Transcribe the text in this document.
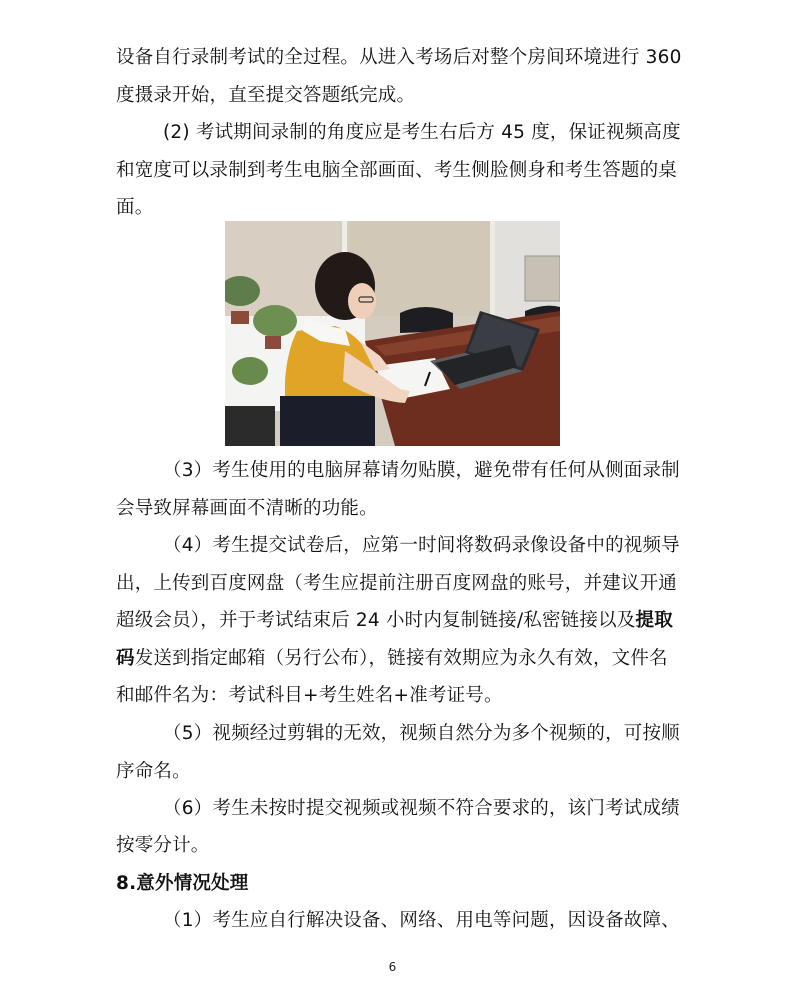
设备自行录制考试的全过程。从进入考场后对整个房间环境进行 360
度摄录开始，直至提交答题纸完成。
(2) 考试期间录制的角度应是考生右后方 45 度，保证视频高度
和宽度可以录制到考生电脑全部画面、考生侧脸侧身和考生答题的桌
面。
（3）考生使用的电脑屏幕请勿贴膜，避免带有任何从侧面录制
会导致屏幕画面不清晰的功能。
（4）考生提交试卷后，应第一时间将数码录像设备中的视频导
出，上传到百度网盘（考生应提前注册百度网盘的账号，并建议开通
超级会员），并于考试结束后 24 小时内复制链接/私密链接以及提取
码发送到指定邮箱（另行公布），链接有效期应为永久有效，文件名
和邮件名为：考试科目+考生姓名+准考证号。
（5）视频经过剪辑的无效，视频自然分为多个视频的，可按顺
序命名。
（6）考生未按时提交视频或视频不符合要求的，该门考试成绩
按零分计。
8.意外情况处理
（1）考生应自行解决设备、网络、用电等问题，因设备故障、
6
